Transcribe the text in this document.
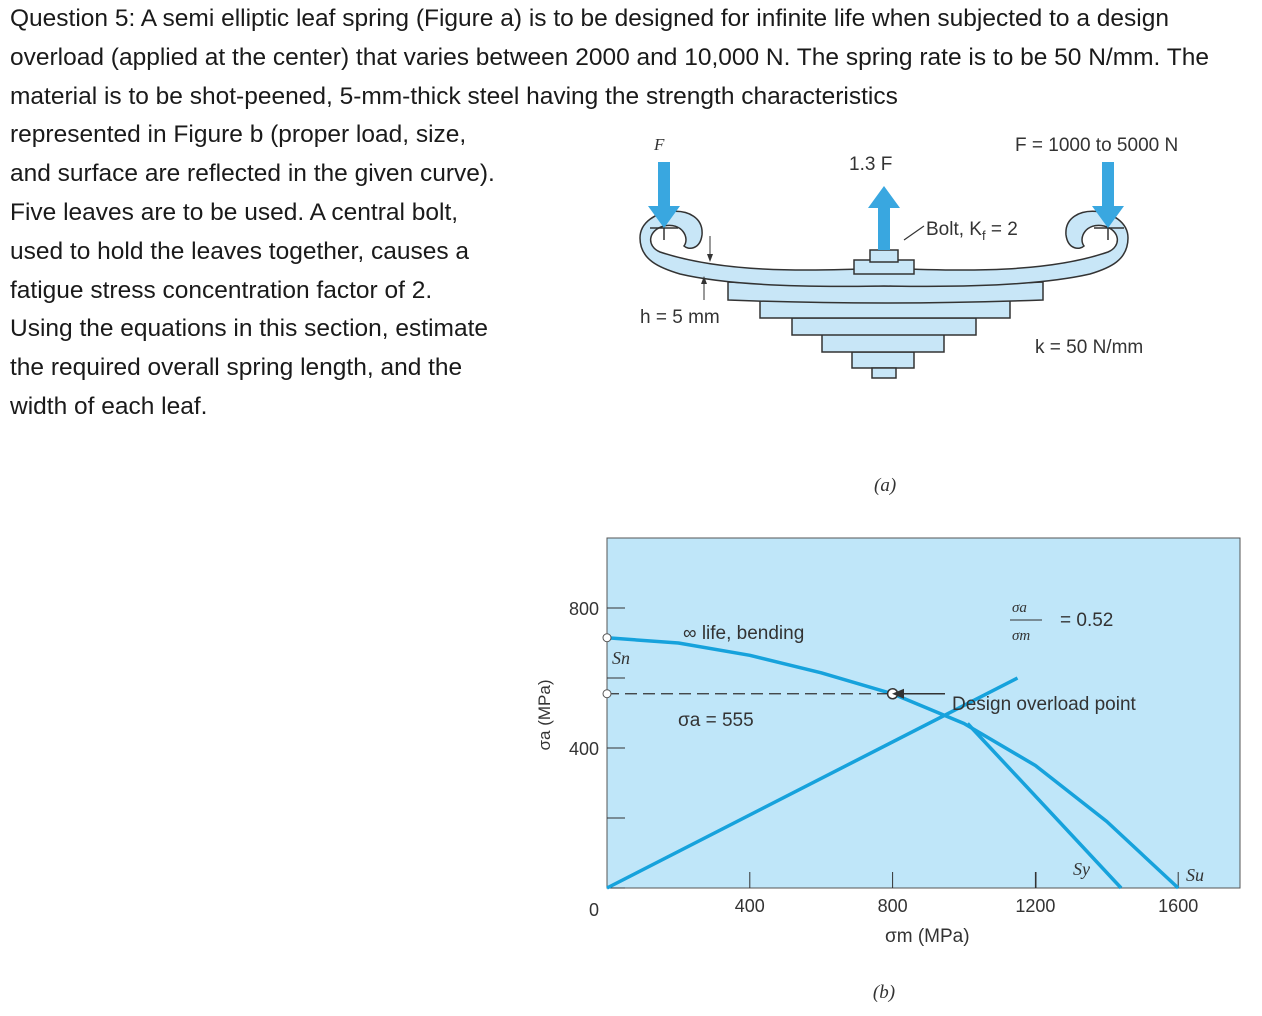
Question 5: A semi elliptic leaf spring (Figure a) is to be designed for infinite life when subjected to a design overload (applied at the center) that varies between 2000 and 10,000 N. The spring rate is to be 50 N/mm. The material is to be shot-peened, 5-mm-thick steel having the strength characteristics
represented in Figure b (proper load, size, and surface are reflected in the given curve). Five leaves are to be used. A central bolt, used to hold the leaves together, causes a fatigue stress concentration factor of 2. Using the equations in this section, estimate the required overall spring length, and the width of each leaf.
F
1.3 F
F = 1000 to 5000 N
Bolt, $K_f = 2$
h = 5 mm
k = 50 N/mm
(a)
0
400
800
400	800	1200	1600
∞ life, bending
σa = 555
Design overload point
= 0.52
σa
σm
Sn
Sy	Su
σm (MPa)
σa (MPa)
(b)
